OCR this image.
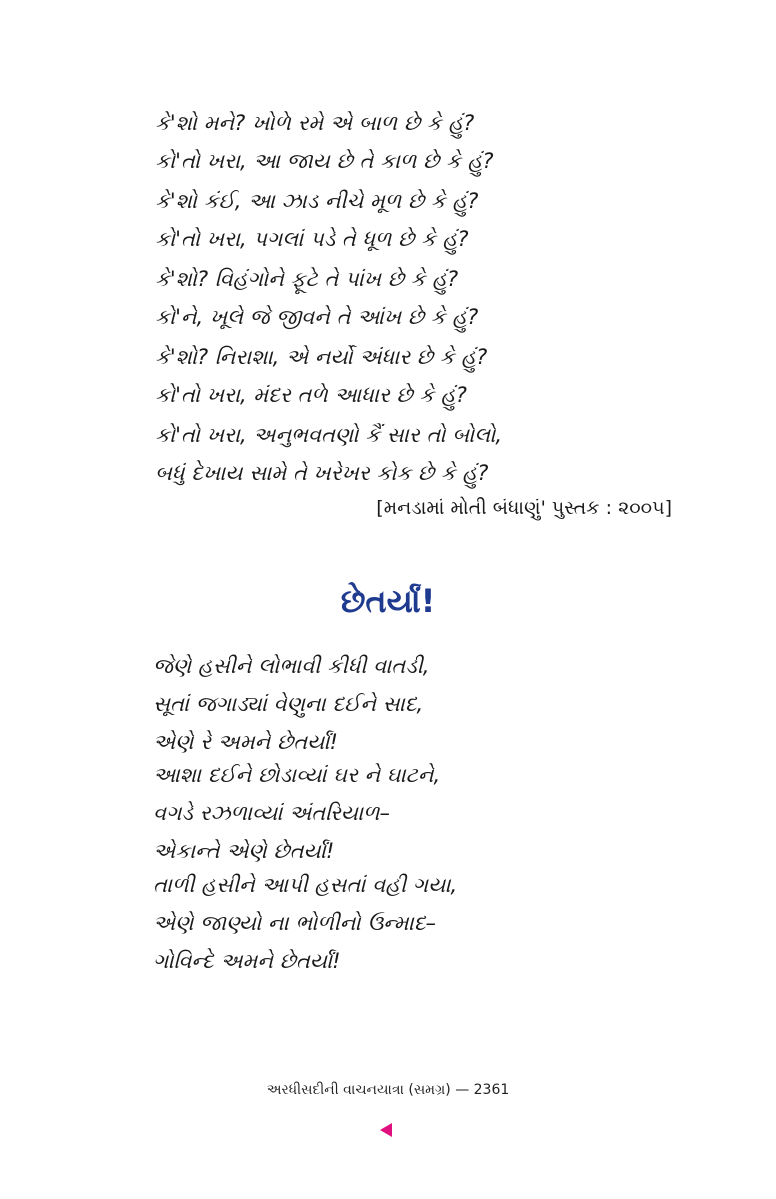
કે'શો મને? ખોળે રમે એ બાળ છે કે હું?
કો'તો ખરા, આ જાય છે તે કાળ છે કે હું?
કે'શો કંઈ, આ ઝાડ નીચે મૂળ છે કે હું?
કો'તો ખરા, પગલાં પડે તે ધૂળ છે કે હું?
કે'શો? વિહંગોને ફૂટે તે પાંખ છે કે હું?
કો'ને, ખૂલે જે જીવને તે આંખ છે કે હું?
કે'શો? નિરાશા, એ નર્યો અંધાર છે કે હું?
કો'તો ખરા, મંદર તળે આધાર છે કે હું?
કો'તો ખરા, અનુભવતણો કૈં સાર તો બોલો,
બધું દેખાય સામે તે ખરેખર કોક છે કે હું?
[મનડામાં મોતી બંધાણું' પુસ્તક : ૨૦૦૫]
છેતર્યાં!
જેણે હસીને લોભાવી કીધી વાતડી,
સૂતાં જગાડ્યાં વેણુના દઈને સાદ,
એણે રે અમને છેતર્યાં!
આશા દઈને છોડાવ્યાં ઘર ને ઘાટને,
વગડે રઝળાવ્યાં અંતરિયાળ–
એકાન્તે એણે છેતર્યાં!
તાળી હસીને આપી હસતાં વહી ગયા,
એણે જાણ્યો ના ભોળીનો ઉન્માદ–
ગોવિન્દે અમને છેતર્યાં!
અરધીસદીની વાચનયાત્રા (સમગ્ર) — 2361
